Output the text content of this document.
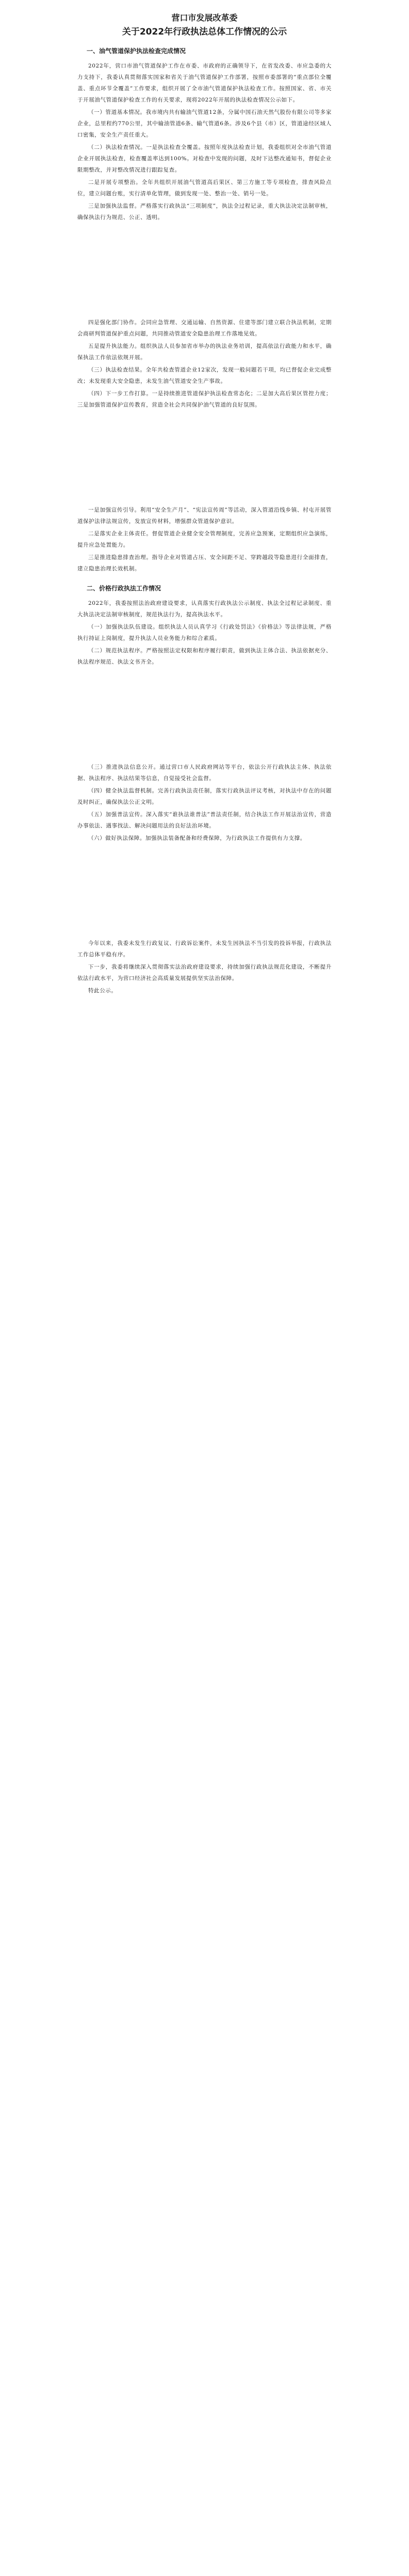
营口市发展改革委
关于2022年行政执法总体工作情况的公示
一、油气管道保护执法检查完成情况

2022年，营口市油气管道保护工作在市委、市政府的正确领导下，在省发改委、市应急委的大力支持下，我委认真贯彻落实国家和省关于油气管道保护工作部署，按照市委部署的“重点部位全覆盖、重点环节全覆盖”工作要求，组织开展了全市油气管道保护执法检查工作。按照国家、省、市关于开展油气管道保护检查工作的有关要求，现将2022年开展的执法检查情况公示如下。

（一）管道基本情况。我市境内共有输油气管道12条，分属中国石油天然气股份有限公司等多家企业，总里程约770公里，其中输油管道6条、输气管道6条。涉及6个县（市）区，管道途经区域人口密集，安全生产责任重大。

（二）执法检查情况。一是执法检查全覆盖。按照年度执法检查计划，我委组织对全市油气管道企业开展执法检查，检查覆盖率达到100%。对检查中发现的问题，及时下达整改通知书，督促企业限期整改，并对整改情况进行跟踪复查。

二是开展专项整治。全年共组织开展油气管道高后果区、第三方施工等专项检查，排查风险点位，建立问题台账，实行清单化管理，做到发现一处、整治一处、销号一处。

三是加强执法监督。严格落实行政执法“三项制度”，执法全过程记录，重大执法决定法制审核，确保执法行为规范、公正、透明。

四是强化部门协作。会同应急管理、交通运输、自然资源、住建等部门建立联合执法机制，定期会商研判管道保护重点问题，共同推动管道安全隐患治理工作落地见效。

五是提升执法能力。组织执法人员参加省市举办的执法业务培训，提高依法行政能力和水平，确保执法工作依法依规开展。

（三）执法检查结果。全年共检查管道企业12家次，发现一般问题若干项，均已督促企业完成整改；未发现重大安全隐患，未发生油气管道安全生产事故。

（四）下一步工作打算。一是持续推进管道保护执法检查常态化；二是加大高后果区管控力度；三是加强管道保护宣传教育，营造全社会共同保护油气管道的良好氛围。

一是加强宣传引导。利用“安全生产月”、“宪法宣传周”等活动，深入管道沿线乡镇、村屯开展管道保护法律法规宣传，发放宣传材料，增强群众管道保护意识。

二是落实企业主体责任。督促管道企业健全安全管理制度，完善应急预案，定期组织应急演练，提升应急处置能力。

三是推进隐患排查治理。指导企业对管道占压、安全间距不足、穿跨越段等隐患进行全面排查，建立隐患治理长效机制。

二、价格行政执法工作情况

2022年，我委按照法治政府建设要求，认真落实行政执法公示制度、执法全过程记录制度、重大执法决定法制审核制度，规范执法行为，提高执法水平。

（一）加强执法队伍建设。组织执法人员认真学习《行政处罚法》《价格法》等法律法规，严格执行持证上岗制度，提升执法人员业务能力和综合素质。

（二）规范执法程序。严格按照法定权限和程序履行职责，做到执法主体合法、执法依据充分、执法程序规范、执法文书齐全。

（三）推进执法信息公开。通过营口市人民政府网站等平台，依法公开行政执法主体、执法依据、执法程序、执法结果等信息，自觉接受社会监督。

（四）健全执法监督机制。完善行政执法责任制，落实行政执法评议考核，对执法中存在的问题及时纠正，确保执法公正文明。

（五）加强普法宣传。深入落实“谁执法谁普法”普法责任制，结合执法工作开展法治宣传，营造办事依法、遇事找法、解决问题用法的良好法治环境。

（六）做好执法保障。加强执法装备配备和经费保障，为行政执法工作提供有力支撑。

今年以来，我委未发生行政复议、行政诉讼案件，未发生因执法不当引发的投诉举报，行政执法工作总体平稳有序。

下一步，我委将继续深入贯彻落实法治政府建设要求，持续加强行政执法规范化建设，不断提升依法行政水平，为营口经济社会高质量发展提供坚实法治保障。

特此公示。
